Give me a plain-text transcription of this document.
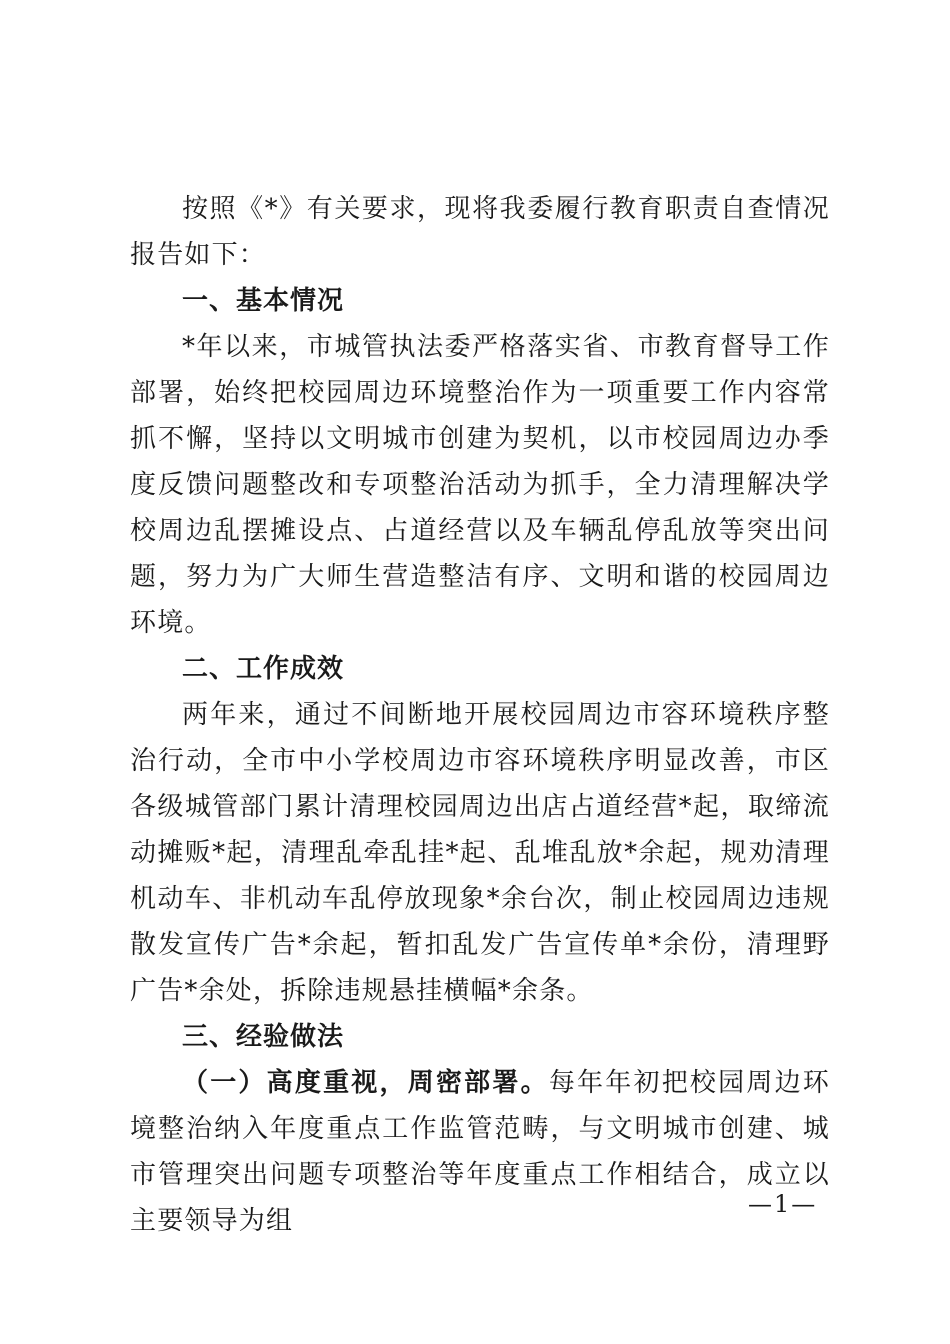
按照《*》有关要求，现将我委履行教育职责自查情况报告如下：

一、基本情况

*年以来，市城管执法委严格落实省、市教育督导工作部署，始终把校园周边环境整治作为一项重要工作内容常抓不懈，坚持以文明城市创建为契机，以市校园周边办季度反馈问题整改和专项整治活动为抓手，全力清理解决学校周边乱摆摊设点、占道经营以及车辆乱停乱放等突出问题，努力为广大师生营造整洁有序、文明和谐的校园周边环境。

二、工作成效

两年来，通过不间断地开展校园周边市容环境秩序整治行动，全市中小学校周边市容环境秩序明显改善，市区各级城管部门累计清理校园周边出店占道经营*起，取缔流动摊贩*起，清理乱牵乱挂*起、乱堆乱放*余起，规劝清理机动车、非机动车乱停放现象*余台次，制止校园周边违规散发宣传广告*余起，暂扣乱发广告宣传单*余份，清理野广告*余处，拆除违规悬挂横幅*余条。

三、经验做法

（一）高度重视，周密部署。每年年初把校园周边环境整治纳入年度重点工作监管范畴，与文明城市创建、城市管理突出问题专项整治等年度重点工作相结合，成立以主要领导为组

—1—
